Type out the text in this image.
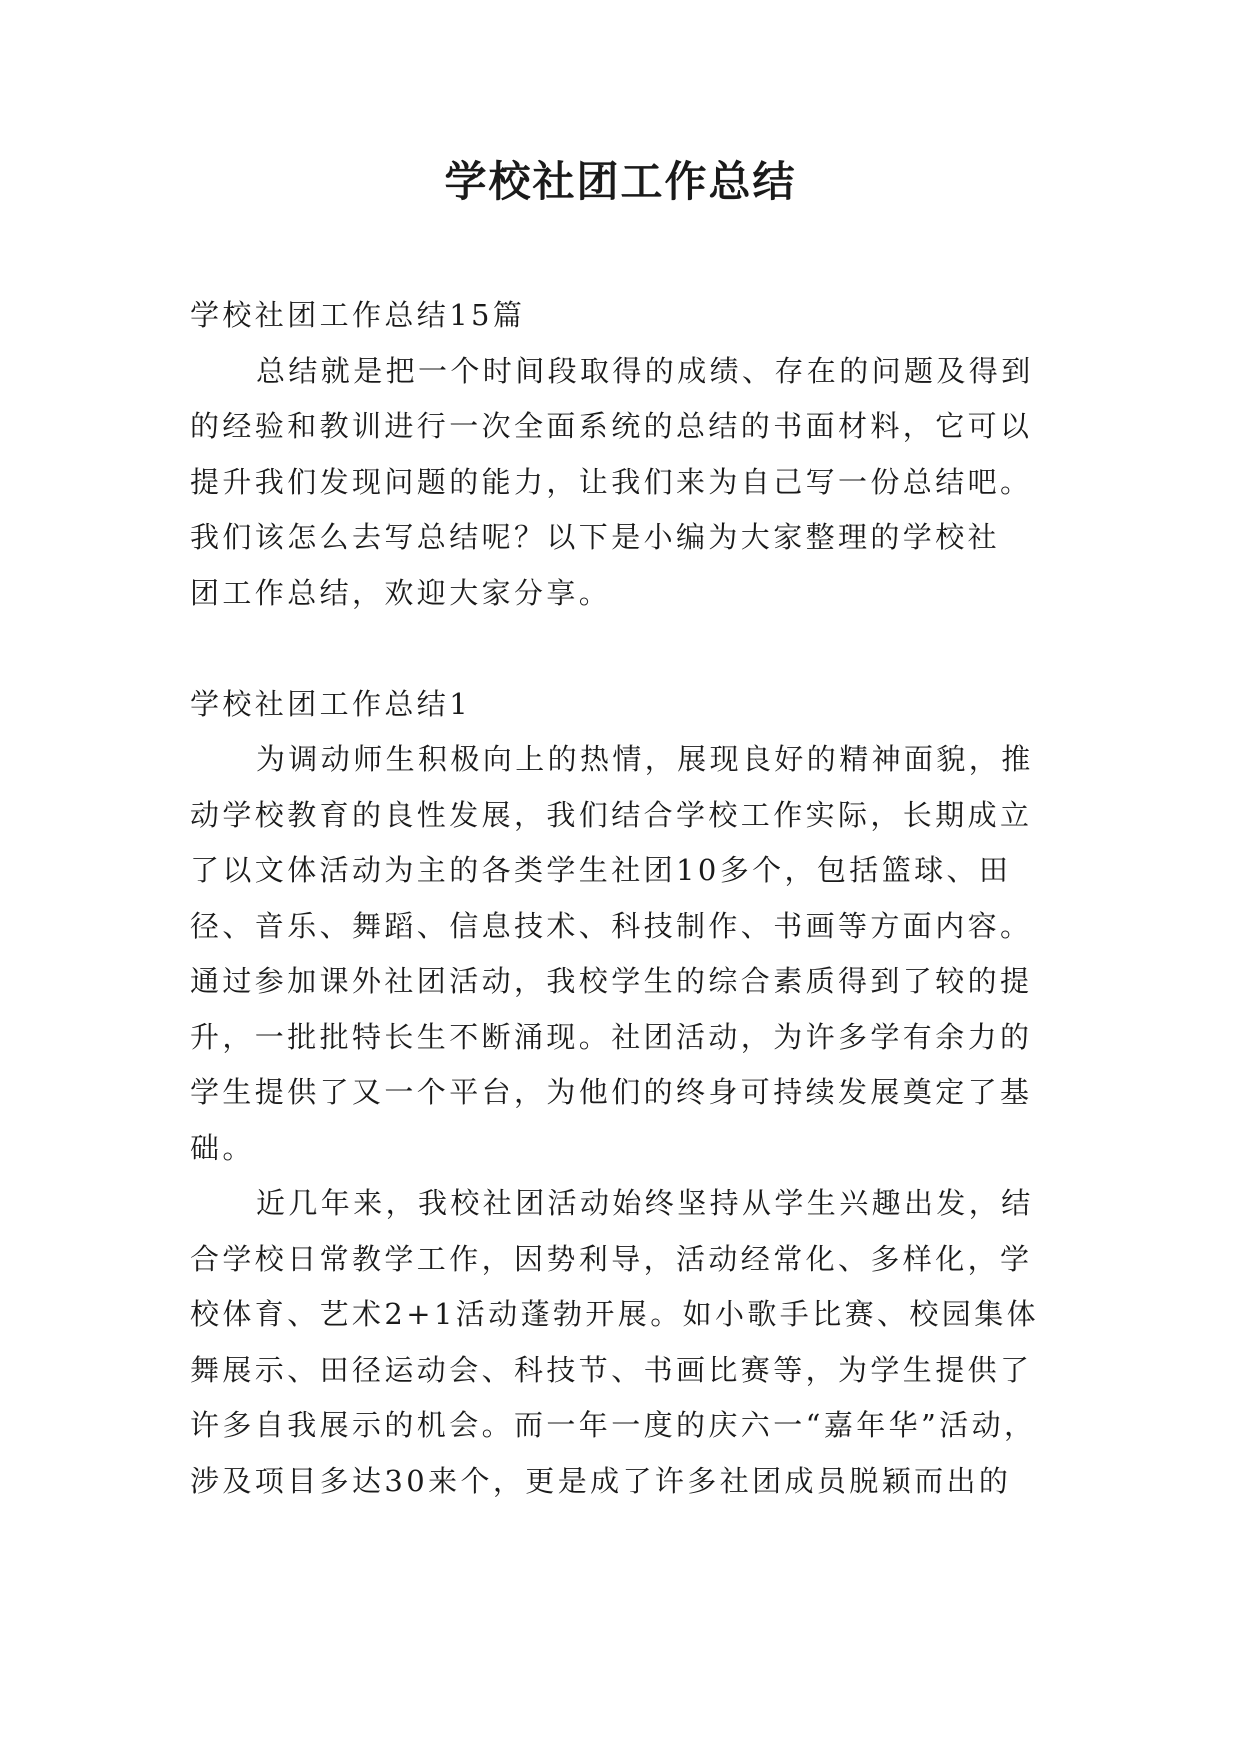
学校社团工作总结
学校社团工作总结15篇
总结就是把一个时间段取得的成绩、存在的问题及得到
的经验和教训进行一次全面系统的总结的书面材料，它可以
提升我们发现问题的能力，让我们来为自己写一份总结吧。
我们该怎么去写总结呢？以下是小编为大家整理的学校社
团工作总结，欢迎大家分享。
学校社团工作总结1
为调动师生积极向上的热情，展现良好的精神面貌，推
动学校教育的良性发展，我们结合学校工作实际，长期成立
了以文体活动为主的各类学生社团10多个，包括篮球、田
径、音乐、舞蹈、信息技术、科技制作、书画等方面内容。
通过参加课外社团活动，我校学生的综合素质得到了较的提
升，一批批特长生不断涌现。社团活动，为许多学有余力的
学生提供了又一个平台，为他们的终身可持续发展奠定了基
础。
近几年来，我校社团活动始终坚持从学生兴趣出发，结
合学校日常教学工作，因势利导，活动经常化、多样化，学
校体育、艺术2+1活动蓬勃开展。如小歌手比赛、校园集体
舞展示、田径运动会、科技节、书画比赛等，为学生提供了
许多自我展示的机会。而一年一度的庆六一“嘉年华”活动，
涉及项目多达30来个，更是成了许多社团成员脱颖而出的
